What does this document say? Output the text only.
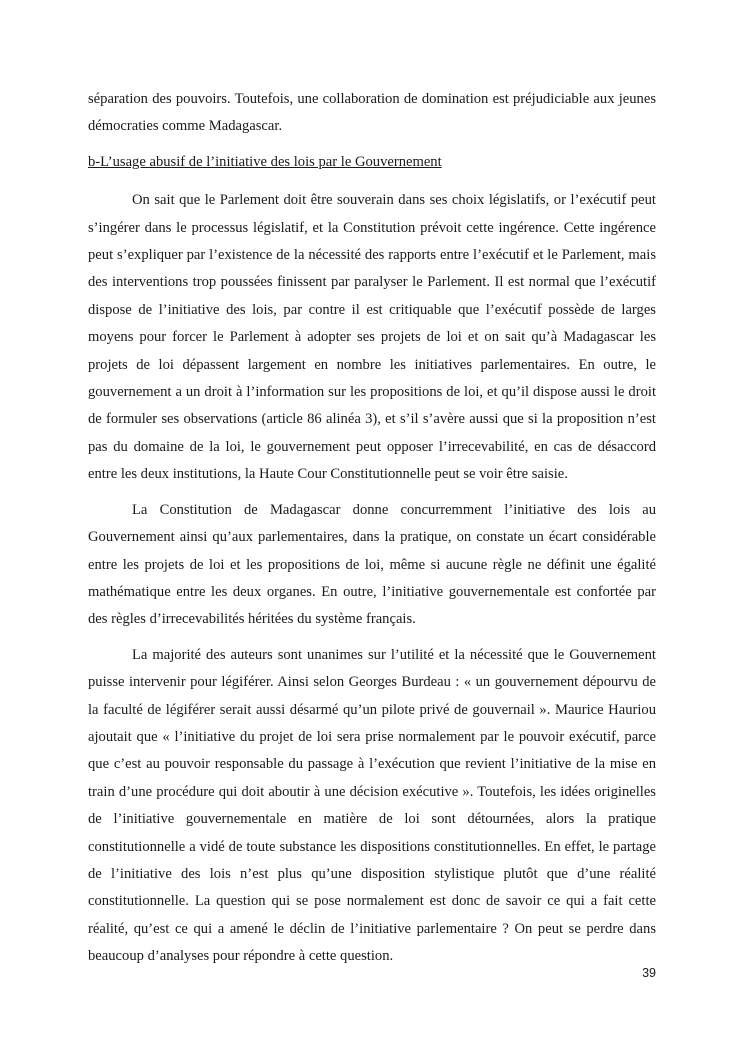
séparation des pouvoirs. Toutefois, une collaboration de domination est préjudiciable aux jeunes démocraties comme Madagascar.

b-L’usage abusif de l’initiative des lois par le Gouvernement

On sait que le Parlement doit être souverain dans ses choix législatifs, or l’exécutif peut s’ingérer dans le processus législatif, et la Constitution prévoit cette ingérence. Cette ingérence peut s’expliquer par l’existence de la nécessité des rapports entre l’exécutif et le Parlement, mais des interventions trop poussées finissent par paralyser le Parlement. Il est normal que l’exécutif dispose de l’initiative des lois, par contre il est critiquable que l’exécutif possède de larges moyens pour forcer le Parlement à adopter ses projets de loi et on sait qu’à Madagascar les projets de loi dépassent largement en nombre les initiatives parlementaires. En outre, le gouvernement a un droit à l’information sur les propositions de loi, et qu’il dispose aussi le droit de formuler ses observations (article 86 alinéa 3), et s’il s’avère aussi que si la proposition n’est pas du domaine de la loi, le gouvernement peut opposer l’irrecevabilité, en cas de désaccord entre les deux institutions, la Haute Cour Constitutionnelle peut se voir être saisie.

La Constitution de Madagascar donne concurremment l’initiative des lois au Gouvernement ainsi qu’aux parlementaires, dans la pratique, on constate un écart considérable entre les projets de loi et les propositions de loi, même si aucune règle ne définit une égalité mathématique entre les deux organes. En outre, l’initiative gouvernementale est confortée par des règles d’irrecevabilités héritées du système français.

La majorité des auteurs sont unanimes sur l’utilité et la nécessité que le Gouvernement puisse intervenir pour légiférer. Ainsi selon Georges Burdeau : « un gouvernement dépourvu de la faculté de légiférer serait aussi désarmé qu’un pilote privé de gouvernail ». Maurice Hauriou ajoutait que « l’initiative du projet de loi sera prise normalement par le pouvoir exécutif, parce que c’est au pouvoir responsable du passage à l’exécution que revient l’initiative de la mise en train d’une procédure qui doit aboutir à une décision exécutive ». Toutefois, les idées originelles de l’initiative gouvernementale en matière de loi sont détournées, alors la pratique constitutionnelle a vidé de toute substance les dispositions constitutionnelles. En effet, le partage de l’initiative des lois n’est plus qu’une disposition stylistique plutôt que d’une réalité constitutionnelle. La question qui se pose normalement est donc de savoir ce qui a fait cette réalité, qu’est ce qui a amené le déclin de l’initiative parlementaire ? On peut se perdre dans beaucoup d’analyses pour répondre à cette question.

39
